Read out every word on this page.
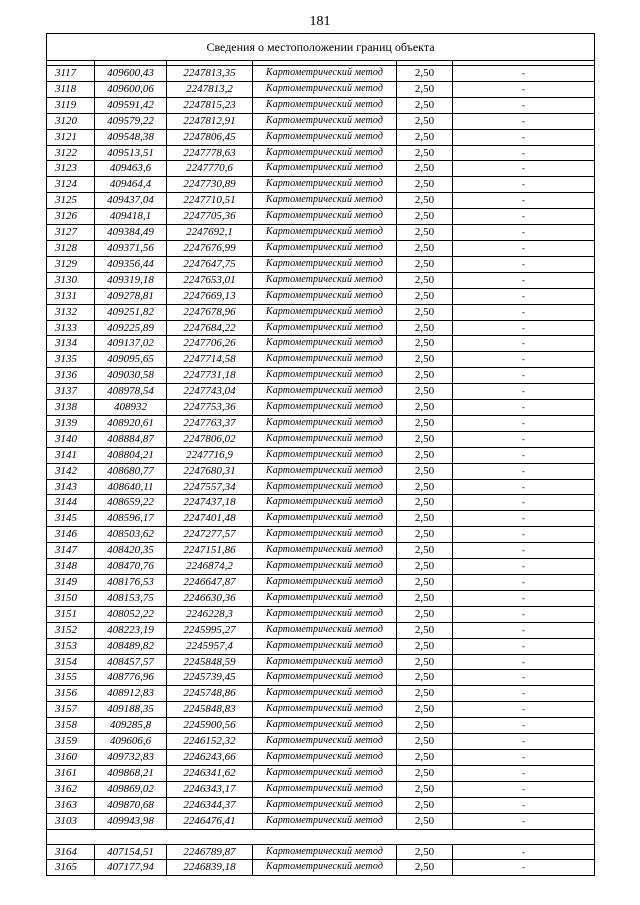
181
Сведения о местоположении границ объекта					

3117	409600,43	2247813,35	Картометрический метод	2,50	-
3118	409600,06	2247813,2	Картометрический метод	2,50	-
3119	409591,42	2247815,23	Картометрический метод	2,50	-
3120	409579,22	2247812,91	Картометрический метод	2,50	-
3121	409548,38	2247806,45	Картометрический метод	2,50	-
3122	409513,51	2247778,63	Картометрический метод	2,50	-
3123	409463,6	2247770,6	Картометрический метод	2,50	-
3124	409464,4	2247730,89	Картометрический метод	2,50	-
3125	409437,04	2247710,51	Картометрический метод	2,50	-
3126	409418,1	2247705,36	Картометрический метод	2,50	-
3127	409384,49	2247692,1	Картометрический метод	2,50	-
3128	409371,56	2247676,99	Картометрический метод	2,50	-
3129	409356,44	2247647,75	Картометрический метод	2,50	-
3130	409319,18	2247653,01	Картометрический метод	2,50	-
3131	409278,81	2247669,13	Картометрический метод	2,50	-
3132	409251,82	2247678,96	Картометрический метод	2,50	-
3133	409225,89	2247684,22	Картометрический метод	2,50	-
3134	409137,02	2247706,26	Картометрический метод	2,50	-
3135	409095,65	2247714,58	Картометрический метод	2,50	-
3136	409030,58	2247731,18	Картометрический метод	2,50	-
3137	408978,54	2247743,04	Картометрический метод	2,50	-
3138	408932	2247753,36	Картометрический метод	2,50	-
3139	408920,61	2247763,37	Картометрический метод	2,50	-
3140	408884,87	2247806,02	Картометрический метод	2,50	-
3141	408804,21	2247716,9	Картометрический метод	2,50	-
3142	408680,77	2247680,31	Картометрический метод	2,50	-
3143	408640,11	2247557,34	Картометрический метод	2,50	-
3144	408659,22	2247437,18	Картометрический метод	2,50	-
3145	408596,17	2247401,48	Картометрический метод	2,50	-
3146	408503,62	2247277,57	Картометрический метод	2,50	-
3147	408420,35	2247151,86	Картометрический метод	2,50	-
3148	408470,76	2246874,2	Картометрический метод	2,50	-
3149	408176,53	2246647,87	Картометрический метод	2,50	-
3150	408153,75	2246630,36	Картометрический метод	2,50	-
3151	408052,22	2246228,3	Картометрический метод	2,50	-
3152	408223,19	2245995,27	Картометрический метод	2,50	-
3153	408489,82	2245957,4	Картометрический метод	2,50	-
3154	408457,57	2245848,59	Картометрический метод	2,50	-
3155	408776,96	2245739,45	Картометрический метод	2,50	-
3156	408912,83	2245748,86	Картометрический метод	2,50	-
3157	409188,35	2245848,83	Картометрический метод	2,50	-
3158	409285,8	2245900,56	Картометрический метод	2,50	-
3159	409606,6	2246152,32	Картометрический метод	2,50	-
3160	409732,83	2246243,66	Картометрический метод	2,50	-
3161	409868,21	2246341,62	Картометрический метод	2,50	-
3162	409869,02	2246343,17	Картометрический метод	2,50	-
3163	409870,68	2246344,37	Картометрический метод	2,50	-
3103	409943,98	2246476,41	Картометрический метод	2,50	-

3164	407154,51	2246789,87	Картометрический метод	2,50	-
3165	407177,94	2246839,18	Картометрический метод	2,50	-
